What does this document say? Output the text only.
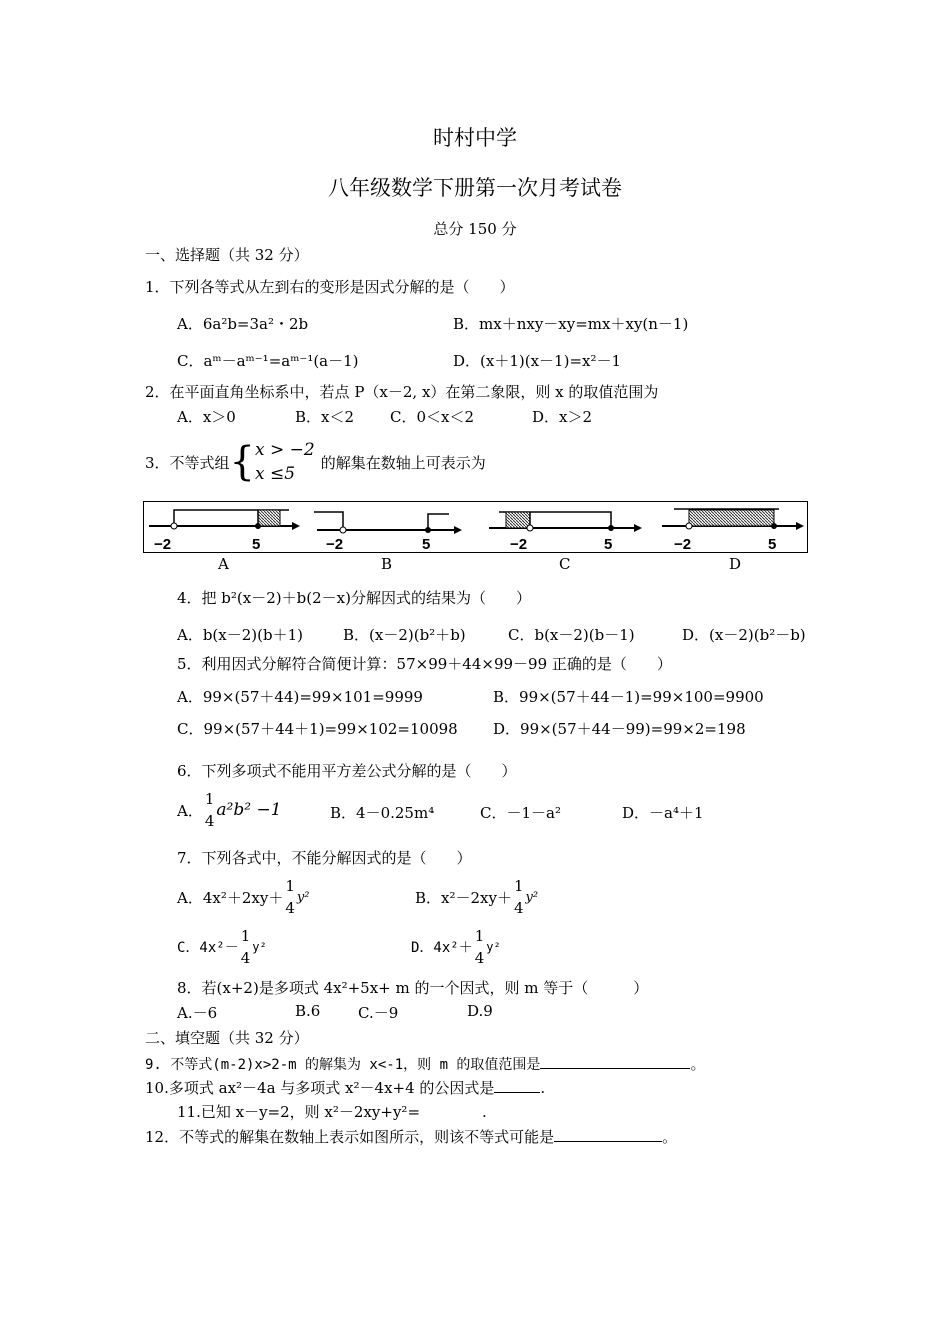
时村中学
八年级数学下册第一次月考试卷
总分 150 分
一、选择题（共 32 分）
1．下列各等式从左到右的变形是因式分解的是（　　）
A．6a²b=3a²・2b	B．mx＋nxy－xy=mx＋xy(n－1)
C．aᵐ－aᵐ⁻¹=aᵐ⁻¹(a－1)	D．(x＋1)(x－1)=x²－1
2．在平面直角坐标系中，若点 P（x－2, x）在第二象限，则 x 的取值范围为
A．x＞0	B．x＜2 C．0＜x＜2	D．x＞2
3．不等式组 { x > −2
x ≤5
的解集在数轴上可表示为
−2	5	−2	5	−2	5	−2	5
A	B	C	D
4．把 b²(x－2)＋b(2－x)分解因式的结果为（　　）
A．b(x－2)(b＋1)	B．(x－2)(b²＋b)	C．b(x－2)(b－1)	D．(x－2)(b²－b)
5．利用因式分解符合简便计算：57×99＋44×99－99 正确的是（　　）
A．99×(57＋44)=99×101=9999	B．99×(57＋44－1)=99×100=9900
C．99×(57＋44＋1)=99×102=10098 D．99×(57＋44－99)=99×2=198
6．下列多项式不能用平方差公式分解的是（　　）
A．
1
4
a²b² −1	B．4－0.25m⁴	C．－1－a²	D．－a⁴＋1
7．下列各式中，不能分解因式的是（　　）
A．4x²＋2xy＋
1
4
y²	B．x²－2xy＋
1
4
y²
C．4x²－
1
4
y²	D．4x²＋
1
4
y²
8．若(x+2)是多项式 4x²+5x+ m 的一个因式，则 m 等于（　　　）
A.－6	B.6	C.－9	D.9
二、填空题（共 32 分）
9. 不等式(m-2)x>2-m 的解集为 x<-1，则 m 的取值范围是	。
10.多项式 ax²－4a 与多项式 x²－4x+4 的公因式是	.
11.已知 x－y=2，则 x²－2xy+y²=	.
12．不等式的解集在数轴上表示如图所示，则该不等式可能是	。
